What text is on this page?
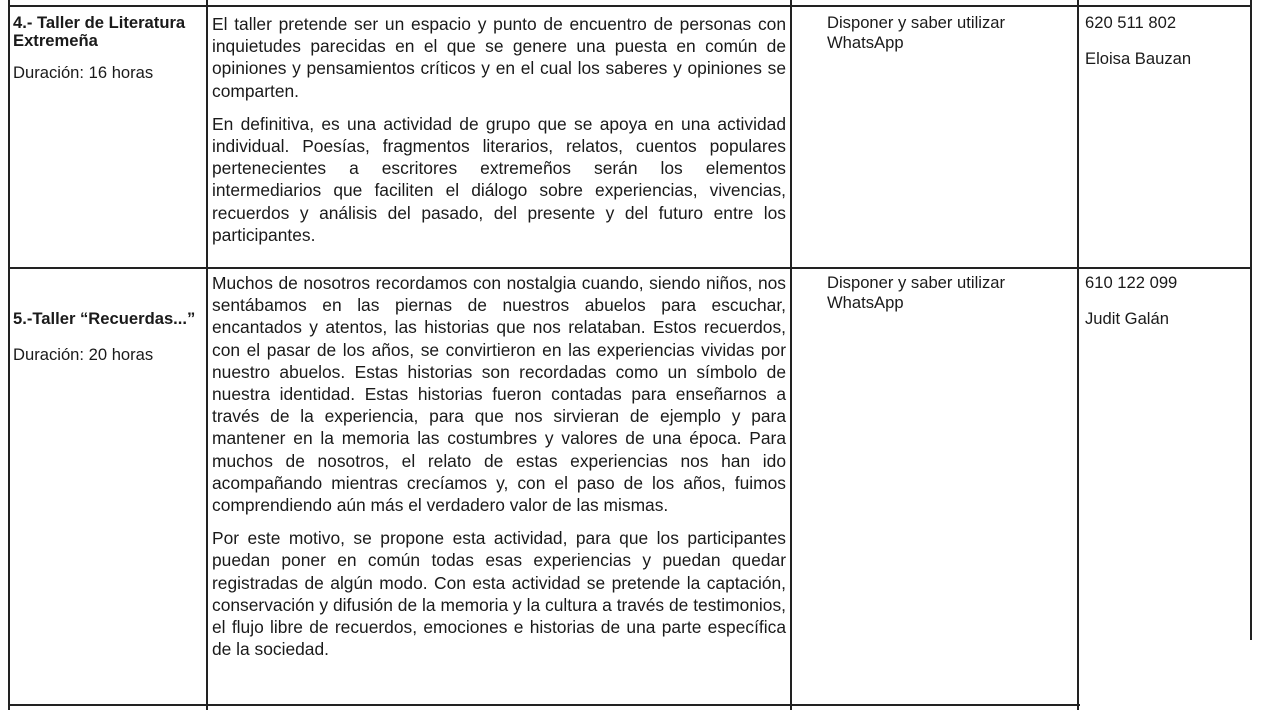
4.- Taller de Literatura Extremeña
Duración: 16 horas

El taller pretende ser un espacio y punto de encuentro de personas con inquietudes parecidas en el que se genere una puesta en común de opiniones y pensamientos críticos y en el cual los saberes y opiniones se comparten.

En definitiva, es una actividad de grupo que se apoya en una actividad individual. Poesías, fragmentos literarios, relatos, cuentos populares pertenecientes a escritores extremeños serán los elementos intermediarios que faciliten el diálogo sobre experiencias, vivencias, recuerdos y análisis del pasado, del presente y del futuro entre los participantes.

Disponer y saber utilizar WhatsApp
620 511 802
Eloisa Bauzan
5.-Taller “Recuerdas...”
Duración: 20 horas

Muchos de nosotros recordamos con nostalgia cuando, siendo niños, nos sentábamos en las piernas de nuestros abuelos para escuchar, encantados y atentos, las historias que nos relataban. Estos recuerdos, con el pasar de los años, se convirtieron en las experiencias vividas por nuestro abuelos. Estas historias son recordadas como un símbolo de nuestra identidad. Estas historias fueron contadas para enseñarnos a través de la experiencia, para que nos sirvieran de ejemplo y para mantener en la memoria las costumbres y valores de una época. Para muchos de nosotros, el relato de estas experiencias nos han ido acompañando mientras crecíamos y, con el paso de los años, fuimos comprendiendo aún más el verdadero valor de las mismas.

Por este motivo, se propone esta actividad, para que los participantes puedan poner en común todas esas experiencias y puedan quedar registradas de algún modo. Con esta actividad se pretende la captación, conservación y difusión de la memoria y la cultura a través de testimonios, el flujo libre de recuerdos, emociones e historias de una parte específica de la sociedad.

Disponer y saber utilizar WhatsApp
610 122 099
Judit Galán
